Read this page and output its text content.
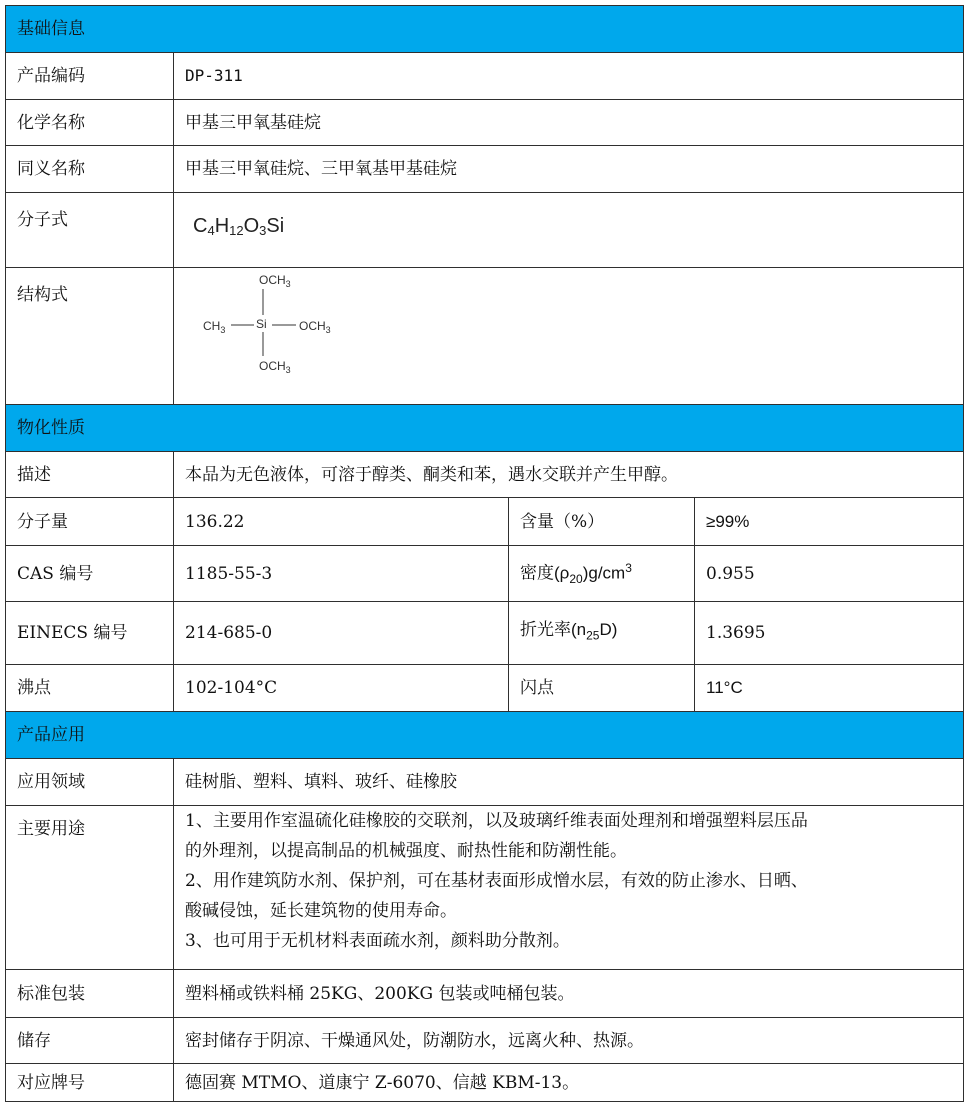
基础信息			
产品编码	DP-311		
化学名称	甲基三甲氧基硅烷		
同义名称	甲基三甲氧硅烷、三甲氧基甲基硅烷		
分子式	$C_4H_{12}O_3Si$		
结构式	$OCH_3$
$CH_3$ Si $OCH_3$
$OCH_3$

物化性质			
描述	本品为无色液体，可溶于醇类、酮类和苯，遇水交联并产生甲醇。		
分子量	136.22	含量（%）	≥99%
CAS 编号	1185-55-3	密度$(\rho_{20})g/cm^3$	0.955
EINECS 编号	214-685-0	折光率$(n_{25}D)$	1.3695
沸点	102-104°C	闪点	11°C
产品应用			
应用领域	硅树脂、塑料、填料、玻纤、硅橡胶		
主要用途	1、主要用作室温硫化硅橡胶的交联剂，以及玻璃纤维表面处理剂和增强塑料层压品
的外理剂，以提高制品的机械强度、耐热性能和防潮性能。
2、用作建筑防水剂、保护剂，可在基材表面形成憎水层，有效的防止渗水、日晒、
酸碱侵蚀，延长建筑物的使用寿命。
3、也可用于无机材料表面疏水剂，颜料助分散剂。		

标准包装	塑料桶或铁料桶 25KG、200KG 包装或吨桶包装。		
储存	密封储存于阴凉、干燥通风处，防潮防水，远离火种、热源。		
对应牌号	德固赛 MTMO、道康宁 Z-6070、信越 KBM-13。		
